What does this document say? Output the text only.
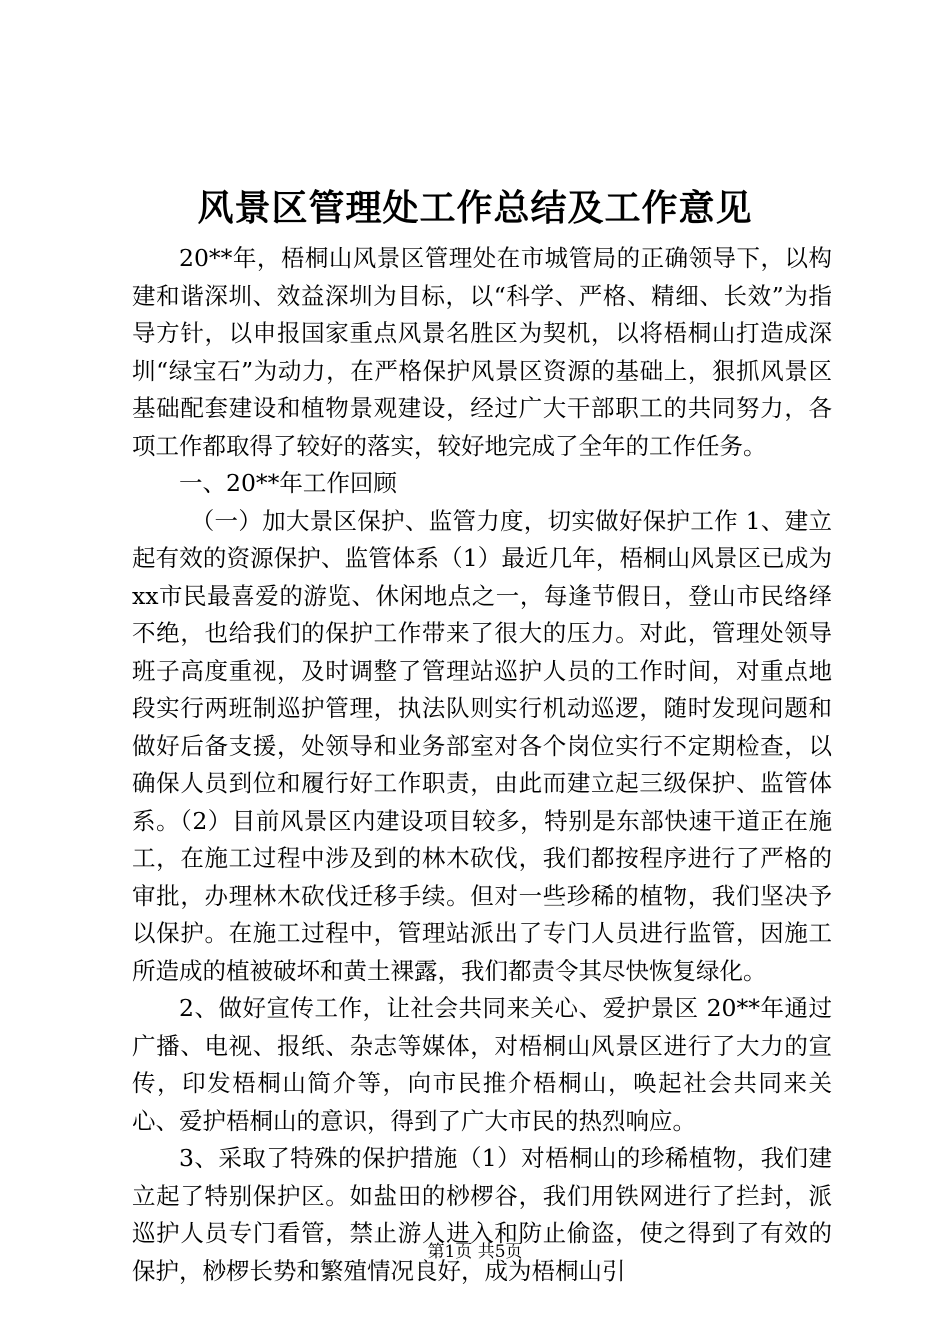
风景区管理处工作总结及工作意见

20**年，梧桐山风景区管理处在市城管局的正确领导下，以构建和谐深圳、效益深圳为目标，以“科学、严格、精细、长效”为指导方针，以申报国家重点风景名胜区为契机，以将梧桐山打造成深圳“绿宝石”为动力，在严格保护风景区资源的基础上，狠抓风景区基础配套建设和植物景观建设，经过广大干部职工的共同努力，各项工作都取得了较好的落实，较好地完成了全年的工作任务。

一、20**年工作回顾

（一）加大景区保护、监管力度，切实做好保护工作 1、建立起有效的资源保护、监管体系（1）最近几年，梧桐山风景区已成为xx市民最喜爱的游览、休闲地点之一，每逢节假日，登山市民络绎不绝，也给我们的保护工作带来了很大的压力。对此，管理处领导班子高度重视，及时调整了管理站巡护人员的工作时间，对重点地段实行两班制巡护管理，执法队则实行机动巡逻，随时发现问题和做好后备支援，处领导和业务部室对各个岗位实行不定期检查，以确保人员到位和履行好工作职责，由此而建立起三级保护、监管体系。（2）目前风景区内建设项目较多，特别是东部快速干道正在施工，在施工过程中涉及到的林木砍伐，我们都按程序进行了严格的审批，办理林木砍伐迁移手续。但对一些珍稀的植物，我们坚决予以保护。在施工过程中，管理站派出了专门人员进行监管，因施工所造成的植被破坏和黄土裸露，我们都责令其尽快恢复绿化。

2、做好宣传工作，让社会共同来关心、爱护景区 20**年通过广播、电视、报纸、杂志等媒体，对梧桐山风景区进行了大力的宣传，印发梧桐山简介等，向市民推介梧桐山，唤起社会共同来关心、爱护梧桐山的意识，得到了广大市民的热烈响应。

3、采取了特殊的保护措施（1）对梧桐山的珍稀植物，我们建立起了特别保护区。如盐田的桫椤谷，我们用铁网进行了拦封，派巡护人员专门看管，禁止游人进入和防止偷盗，使之得到了有效的保护，桫椤长势和繁殖情况良好，成为梧桐山引

第1页 共5页
